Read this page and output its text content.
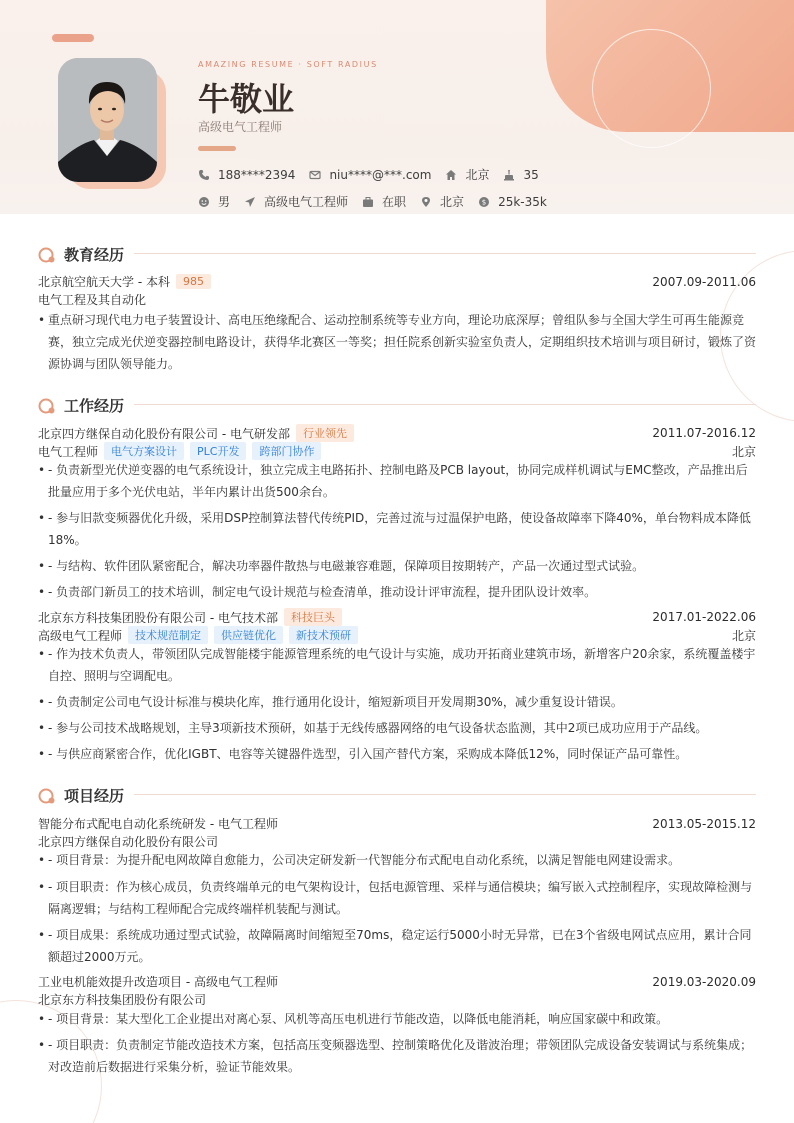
AMAZING RESUME · SOFT RADIUS
牛敬业
高级电气工程师
188****2394	niu****@***.com	北京	35
男	高级电气工程师	在职	北京	$ 25k-35k
教育经历
北京航空航天大学 - 本科	985	2007.09-2011.06
电气工程及其自动化
• 重点研习现代电力电子装置设计、高电压绝缘配合、运动控制系统等专业方向，理论功底深厚；曾组队参与全国大学生可再生能源竞赛，独立完成光伏逆变器控制电路设计，获得华北赛区一等奖；担任院系创新实验室负责人，定期组织技术培训与项目研讨，锻炼了资源协调与团队领导能力。
工作经历
北京四方继保自动化股份有限公司 - 电气研发部	行业领先	2011.07-2016.12
电气工程师	电气方案设计	PLC开发	跨部门协作	北京
• - 负责新型光伏逆变器的电气系统设计，独立完成主电路拓扑、控制电路及PCB layout，协同完成样机调试与EMC整改，产品推出后批量应用于多个光伏电站，半年内累计出货500余台。
• - 参与旧款变频器优化升级，采用DSP控制算法替代传统PID，完善过流与过温保护电路，使设备故障率下降40%，单台物料成本降低18%。
• - 与结构、软件团队紧密配合，解决功率器件散热与电磁兼容难题，保障项目按期转产，产品一次通过型式试验。
• - 负责部门新员工的技术培训，制定电气设计规范与检查清单，推动设计评审流程，提升团队设计效率。
北京东方科技集团股份有限公司 - 电气技术部	科技巨头	2017.01-2022.06
高级电气工程师	技术规范制定	供应链优化	新技术预研	北京
• - 作为技术负责人，带领团队完成智能楼宇能源管理系统的电气设计与实施，成功开拓商业建筑市场，新增客户20余家，系统覆盖楼宇自控、照明与空调配电。
• - 负责制定公司电气设计标准与模块化库，推行通用化设计，缩短新项目开发周期30%，减少重复设计错误。
• - 参与公司技术战略规划，主导3项新技术预研，如基于无线传感器网络的电气设备状态监测，其中2项已成功应用于产品线。
• - 与供应商紧密合作，优化IGBT、电容等关键器件选型，引入国产替代方案，采购成本降低12%，同时保证产品可靠性。
项目经历
智能分布式配电自动化系统研发 - 电气工程师	2013.05-2015.12
北京四方继保自动化股份有限公司
• - 项目背景：为提升配电网故障自愈能力，公司决定研发新一代智能分布式配电自动化系统，以满足智能电网建设需求。
• - 项目职责：作为核心成员，负责终端单元的电气架构设计，包括电源管理、采样与通信模块；编写嵌入式控制程序，实现故障检测与隔离逻辑；与结构工程师配合完成终端样机装配与测试。
• - 项目成果：系统成功通过型式试验，故障隔离时间缩短至70ms，稳定运行5000小时无异常，已在3个省级电网试点应用，累计合同额超过2000万元。
工业电机能效提升改造项目 - 高级电气工程师	2019.03-2020.09
北京东方科技集团股份有限公司
• - 项目背景：某大型化工企业提出对离心泵、风机等高压电机进行节能改造，以降低电能消耗，响应国家碳中和政策。
• - 项目职责：负责制定节能改造技术方案，包括高压变频器选型、控制策略优化及谐波治理；带领团队完成设备安装调试与系统集成；对改造前后数据进行采集分析，验证节能效果。
